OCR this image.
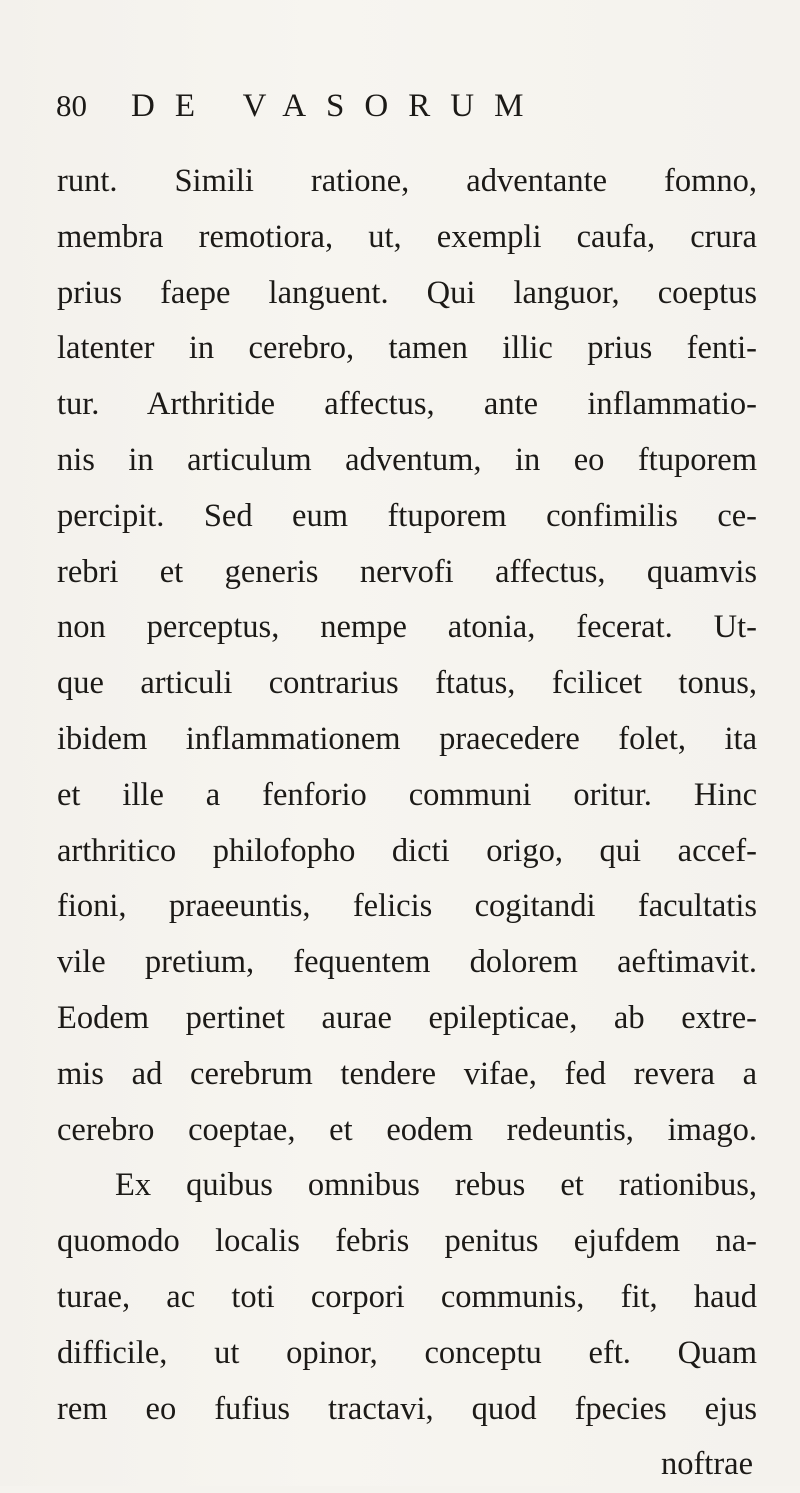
80 DE VASORUM
runt. Simili ratione, adventante fomno,
membra remotiora, ut, exempli caufa, crura
prius faepe languent. Qui languor, coeptus
latenter in cerebro, tamen illic prius fenti-
tur. Arthritide affectus, ante inflammatio-
nis in articulum adventum, in eo ftuporem
percipit. Sed eum ftuporem confimilis ce-
rebri et generis nervofi affectus, quamvis
non perceptus, nempe atonia, fecerat. Ut-
que articuli contrarius ftatus, fcilicet tonus,
ibidem inflammationem praecedere folet, ita
et ille a fenforio communi oritur. Hinc
arthritico philofopho dicti origo, qui accef-
fioni, praeeuntis, felicis cogitandi facultatis
vile pretium, fequentem dolorem aeftimavit.
Eodem pertinet aurae epilepticae, ab extre-
mis ad cerebrum tendere vifae, fed revera a
cerebro coeptae, et eodem redeuntis, imago.
Ex quibus omnibus rebus et rationibus,
quomodo localis febris penitus ejufdem na-
turae, ac toti corpori communis, fit, haud
difficile, ut opinor, conceptu eft. Quam
rem eo fufius tractavi, quod fpecies ejus
noftrae
